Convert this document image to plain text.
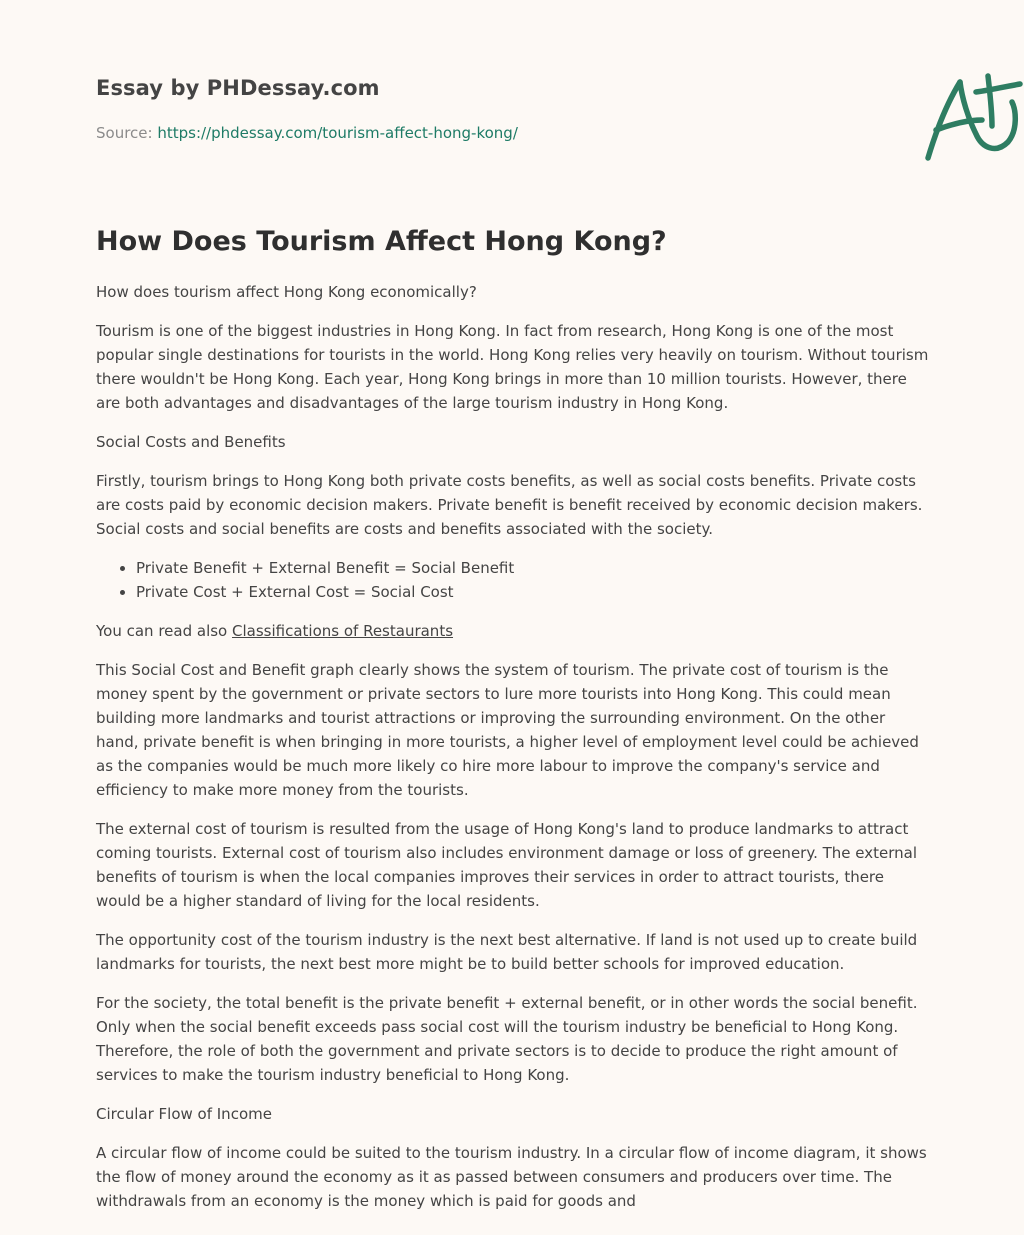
Essay by PHDessay.com

Source: https://phdessay.com/tourism-affect-hong-kong/

How Does Tourism Affect Hong Kong?

How does tourism affect Hong Kong economically?

Tourism is one of the biggest industries in Hong Kong. In fact from research, Hong Kong is one of the most popular single destinations for tourists in the world. Hong Kong relies very heavily on tourism. Without tourism there wouldn't be Hong Kong. Each year, Hong Kong brings in more than 10 million tourists. However, there are both advantages and disadvantages of the large tourism industry in Hong Kong.

Social Costs and Benefits

Firstly, tourism brings to Hong Kong both private costs benefits, as well as social costs benefits. Private costs are costs paid by economic decision makers. Private benefit is benefit received by economic decision makers. Social costs and social benefits are costs and benefits associated with the society.

• Private Benefit + External Benefit = Social Benefit
• Private Cost + External Cost = Social Cost

You can read also Classifications of Restaurants

This Social Cost and Benefit graph clearly shows the system of tourism. The private cost of tourism is the money spent by the government or private sectors to lure more tourists into Hong Kong. This could mean building more landmarks and tourist attractions or improving the surrounding environment. On the other hand, private benefit is when bringing in more tourists, a higher level of employment level could be achieved as the companies would be much more likely co hire more labour to improve the company's service and efficiency to make more money from the tourists.

The external cost of tourism is resulted from the usage of Hong Kong's land to produce landmarks to attract coming tourists. External cost of tourism also includes environment damage or loss of greenery. The external benefits of tourism is when the local companies improves their services in order to attract tourists, there would be a higher standard of living for the local residents.

The opportunity cost of the tourism industry is the next best alternative. If land is not used up to create build landmarks for tourists, the next best more might be to build better schools for improved education.

For the society, the total benefit is the private benefit + external benefit, or in other words the social benefit. Only when the social benefit exceeds pass social cost will the tourism industry be beneficial to Hong Kong. Therefore, the role of both the government and private sectors is to decide to produce the right amount of services to make the tourism industry beneficial to Hong Kong.

Circular Flow of Income

A circular flow of income could be suited to the tourism industry. In a circular flow of income diagram, it shows the flow of money around the economy as it as passed between consumers and producers over time. The withdrawals from an economy is the money which is paid for goods and
